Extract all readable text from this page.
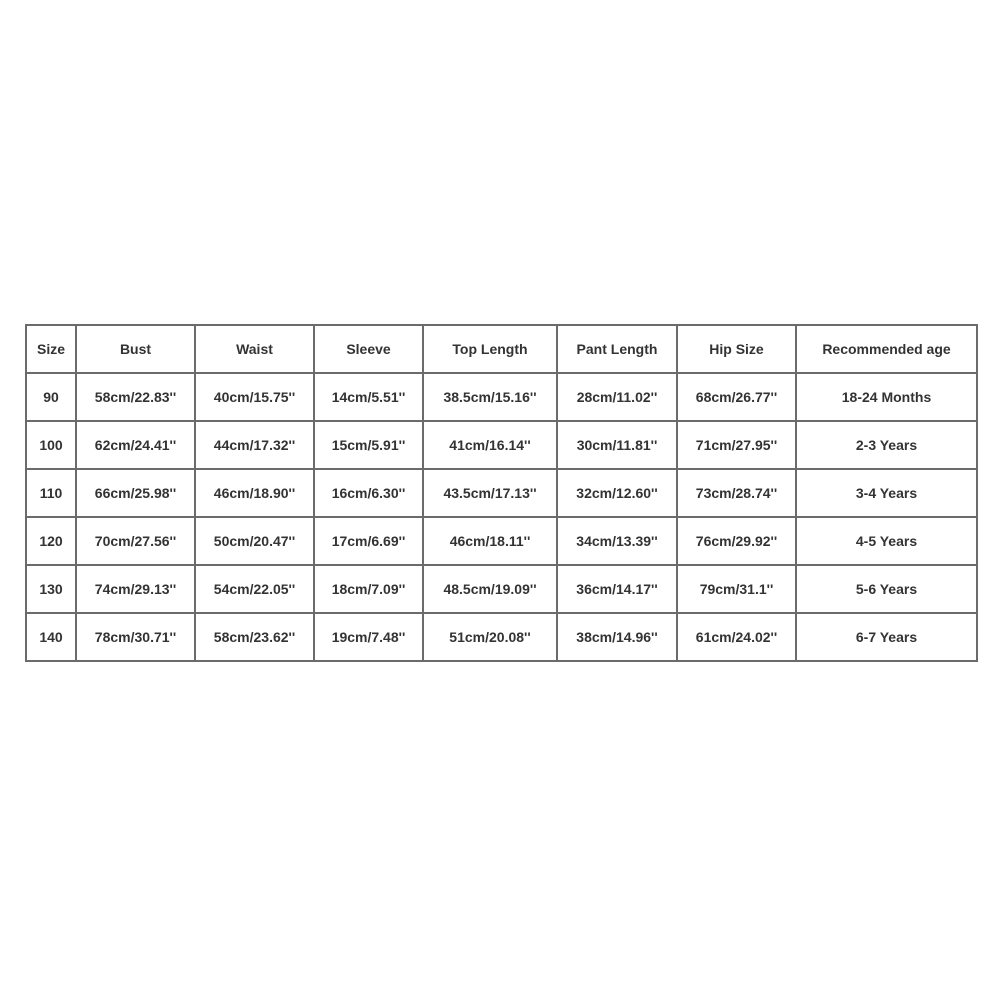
Size	Bust	Waist	Sleeve	Top Length	Pant Length	Hip Size	Recommended age
90	58cm/22.83''	40cm/15.75''	14cm/5.51''	38.5cm/15.16''	28cm/11.02''	68cm/26.77''	18-24 Months
100	62cm/24.41''	44cm/17.32''	15cm/5.91''	41cm/16.14''	30cm/11.81''	71cm/27.95''	2-3 Years
110	66cm/25.98''	46cm/18.90''	16cm/6.30''	43.5cm/17.13''	32cm/12.60''	73cm/28.74''	3-4 Years
120	70cm/27.56''	50cm/20.47''	17cm/6.69''	46cm/18.11''	34cm/13.39''	76cm/29.92''	4-5 Years
130	74cm/29.13''	54cm/22.05''	18cm/7.09''	48.5cm/19.09''	36cm/14.17''	79cm/31.1''	5-6 Years
140	78cm/30.71''	58cm/23.62''	19cm/7.48''	51cm/20.08''	38cm/14.96''	61cm/24.02''	6-7 Years
